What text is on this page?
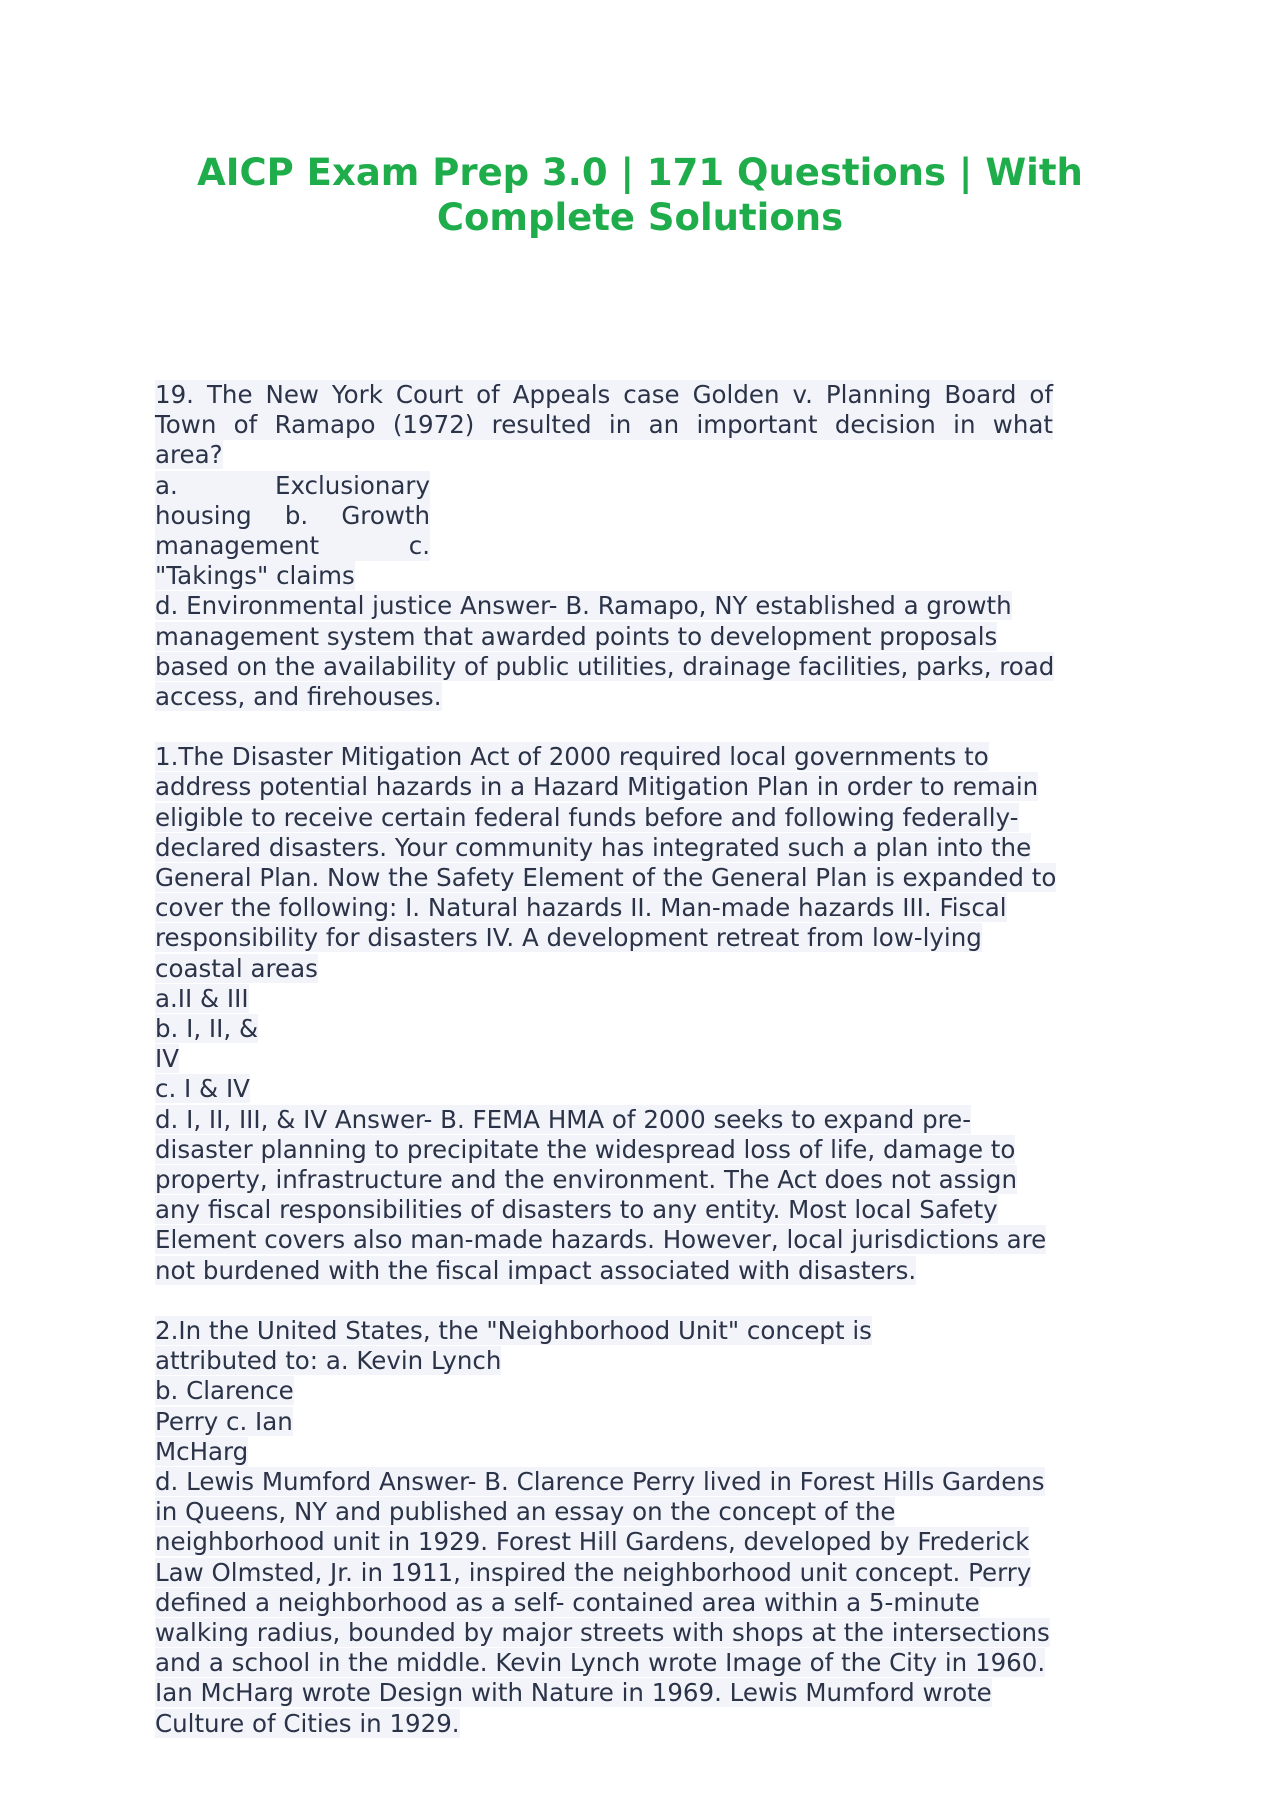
AICP Exam Prep 3.0 | 171 Questions | With
Complete Solutions
19. The New York Court of Appeals case Golden v. Planning Board of
Town of Ramapo (1972) resulted in an important decision in what
area?
a. Exclusionary
housing b. Growth
management c.
"Takings" claims
d. Environmental justice Answer- B. Ramapo, NY established a growth
management system that awarded points to development proposals
based on the availability of public utilities, drainage facilities, parks, road
access, and firehouses.
1.The Disaster Mitigation Act of 2000 required local governments to
address potential hazards in a Hazard Mitigation Plan in order to remain
eligible to receive certain federal funds before and following federally-
declared disasters. Your community has integrated such a plan into the
General Plan. Now the Safety Element of the General Plan is expanded to
cover the following: I. Natural hazards II. Man-made hazards III. Fiscal
responsibility for disasters IV. A development retreat from low-lying
coastal areas
a.II & III
b. I, II, &
IV
c. I & IV
d. I, II, III, & IV Answer- B. FEMA HMA of 2000 seeks to expand pre-
disaster planning to precipitate the widespread loss of life, damage to
property, infrastructure and the environment. The Act does not assign
any fiscal responsibilities of disasters to any entity. Most local Safety
Element covers also man-made hazards. However, local jurisdictions are
not burdened with the fiscal impact associated with disasters.
2.In the United States, the "Neighborhood Unit" concept is
attributed to: a. Kevin Lynch
b. Clarence
Perry c. Ian
McHarg
d. Lewis Mumford Answer- B. Clarence Perry lived in Forest Hills Gardens
in Queens, NY and published an essay on the concept of the
neighborhood unit in 1929. Forest Hill Gardens, developed by Frederick
Law Olmsted, Jr. in 1911, inspired the neighborhood unit concept. Perry
defined a neighborhood as a self- contained area within a 5-minute
walking radius, bounded by major streets with shops at the intersections
and a school in the middle. Kevin Lynch wrote Image of the City in 1960.
Ian McHarg wrote Design with Nature in 1969. Lewis Mumford wrote
Culture of Cities in 1929.
